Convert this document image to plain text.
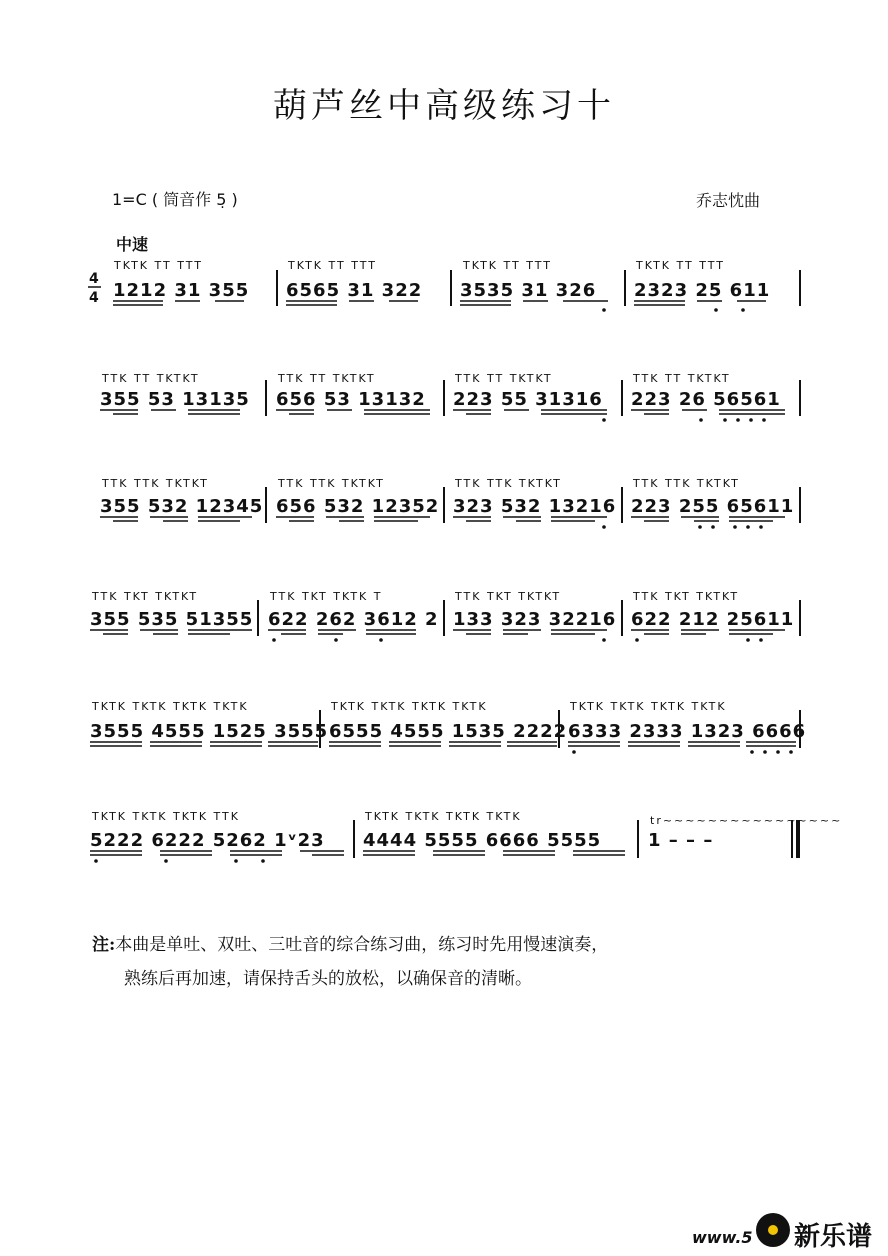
葫芦丝中高级练习十
1=C ( 筒音作 5̣ )	乔志忱曲
中速
4
4
TKTK TT TTT
1212 31 355
TKTK TT TTT
6565 31 322
TKTK TT TTT
3535 31 326
TKTK TT TTT
2323 25 611
TTK TT TKTKT
355 53 13135
TTK TT TKTKT
656 53 13132
TTK TT TKTKT
223 55 31316
TTK TT TKTKT
223 26 56561
TTK TTK TKTKT
355 532 12345
TTK TTK TKTKT
656 532 12352
TTK TTK TKTKT
323 532 13216
TTK TTK TKTKT
223 255 65611
TTK TKT TKTKT
355 535 51355
TTK TKT TKTK T
622 262 3612 2
TTK TKT TKTKT
133 323 32216
TTK TKT TKTKT
622 212 25611
TKTK TKTK TKTK TKTK
3555 4555 1525 3555
TKTK TKTK TKTK TKTK
6555 4555 1535 2222
TKTK TKTK TKTK TKTK
6333 2333 1323 6666
TKTK TKTK TKTK TTK
5222 6222 5262 1ᵛ23
TKTK TKTK TKTK TKTK
4444 5555 6666 5555
tr~~~~~~~~~~~~~~~~
1 – – –
注:本曲是单吐、双吐、三吐音的综合练习曲，练习时先用慢速演奏，
熟练后再加速，请保持舌头的放松，以确保音的清晰。
www.5 新乐谱
